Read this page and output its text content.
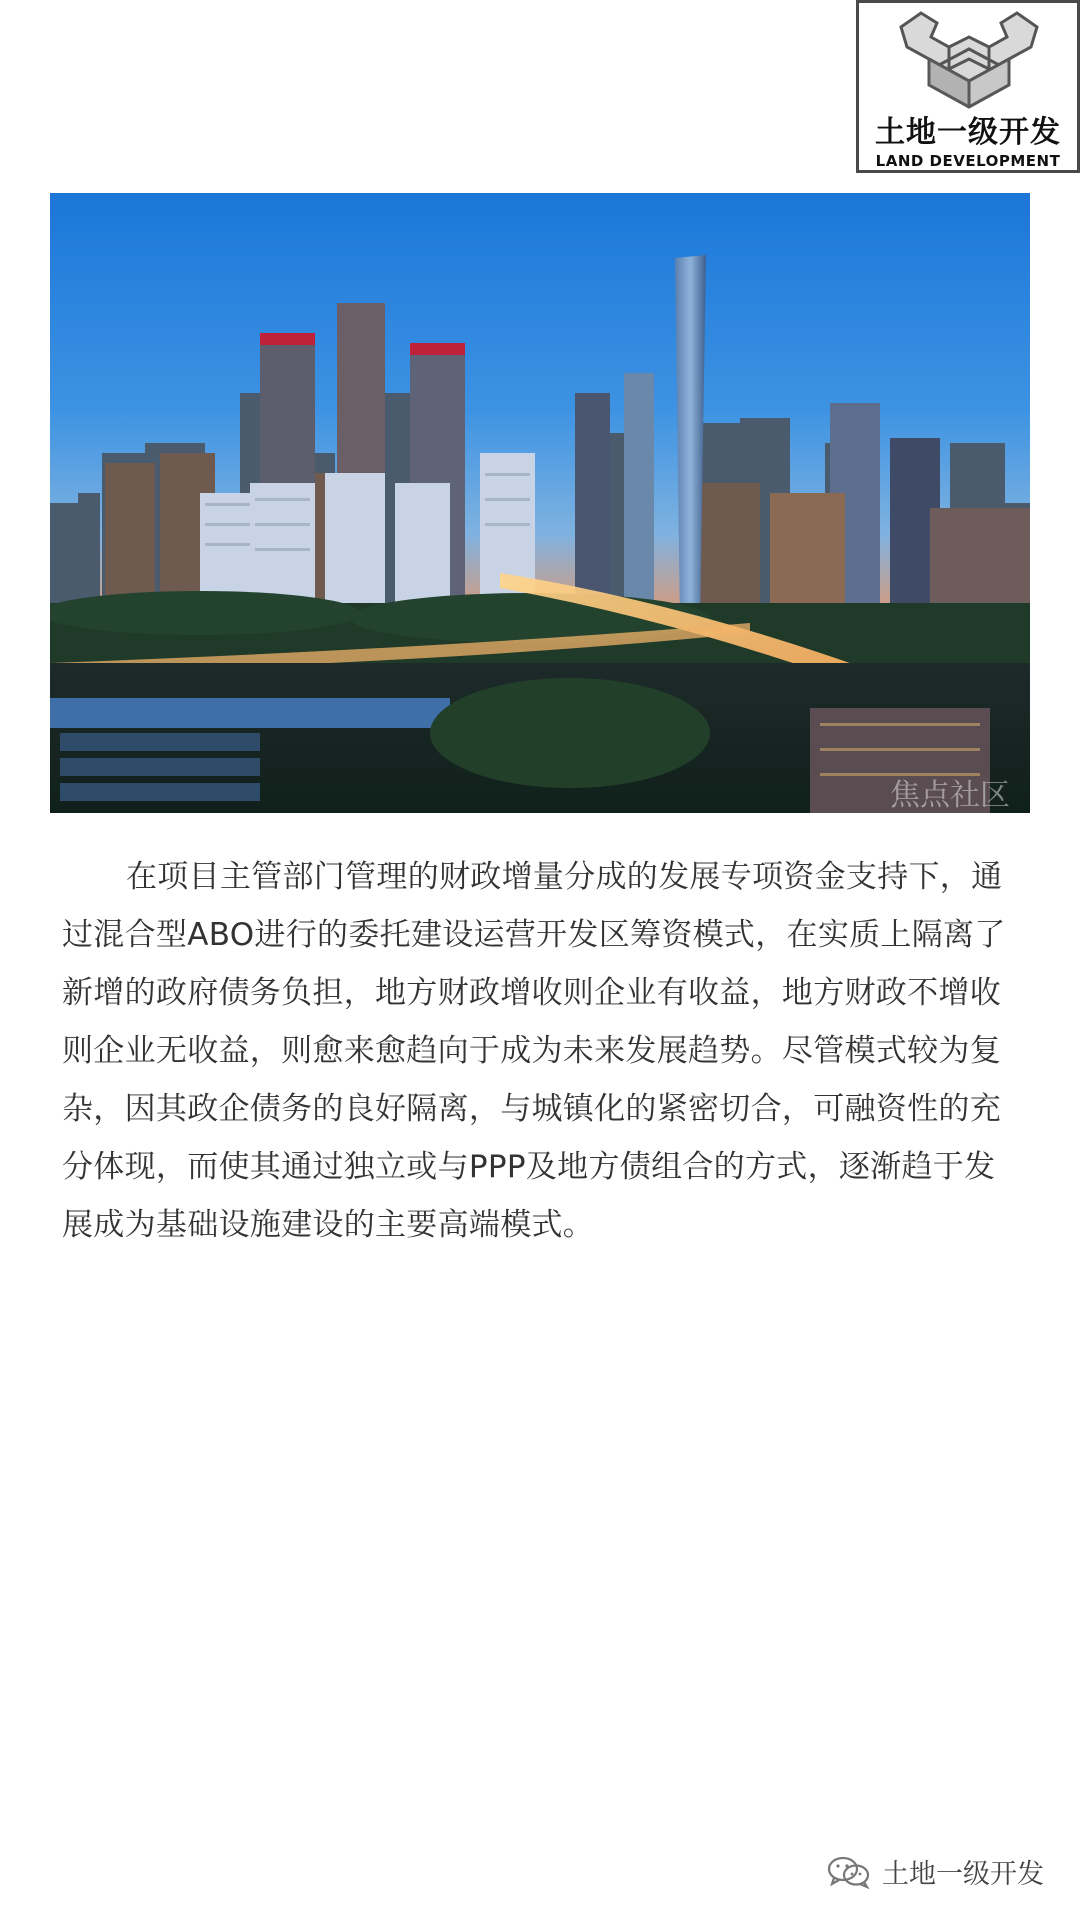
土地一级开发
LAND DEVELOPMENT
焦点社区

在项目主管部门管理的财政增量分成的发展专项资金支持下，通过混合型ABO进行的委托建设运营开发区筹资模式，在实质上隔离了新增的政府债务负担，地方财政增收则企业有收益，地方财政不增收则企业无收益，则愈来愈趋向于成为未来发展趋势。尽管模式较为复杂，因其政企债务的良好隔离，与城镇化的紧密切合，可融资性的充分体现，而使其通过独立或与PPP及地方债组合的方式，逐渐趋于发展成为基础设施建设的主要高端模式。

土地一级开发
